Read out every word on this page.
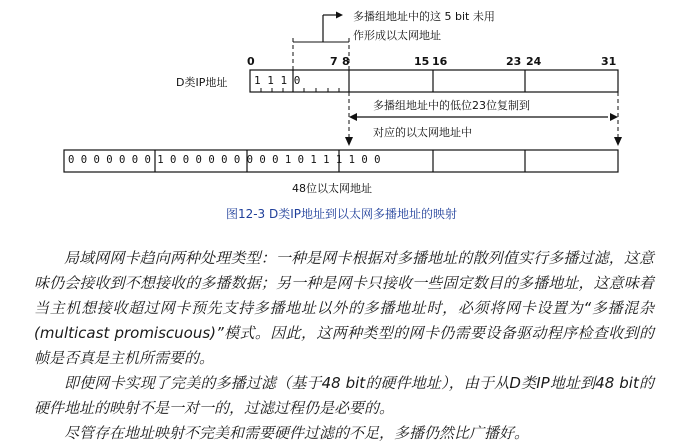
多播组地址中的这 5 bit 未用
作形成以太网地址
0	7 8	15 16	23 24	31
D类IP地址 1 1 1 0
多播组地址中的低位23位复制到
对应的以太网地址中
0 0 0 0 0 0 0 1 0 0 0 0 0 0 0 0 0 1 0 1 1 1 1 0 0
48位以太网地址
图12-3 D类IP地址到以太网多播地址的映射

局域网网卡趋向两种处理类型：一种是网卡根据对多播地址的散列值实行多播过滤，这意味仍会接收到不想接收的多播数据；另一种是网卡只接收一些固定数目的多播地址，这意味着当主机想接收超过网卡预先支持多播地址以外的多播地址时，必须将网卡设置为“多播混杂(multicast promiscuous)”模式。因此，这两种类型的网卡仍需要设备驱动程序检查收到的帧是否真是主机所需要的。

即使网卡实现了完美的多播过滤（基于48 bit的硬件地址），由于从D类IP地址到48 bit的硬件地址的映射不是一对一的，过滤过程仍是必要的。

尽管存在地址映射不完美和需要硬件过滤的不足，多播仍然比广播好。
